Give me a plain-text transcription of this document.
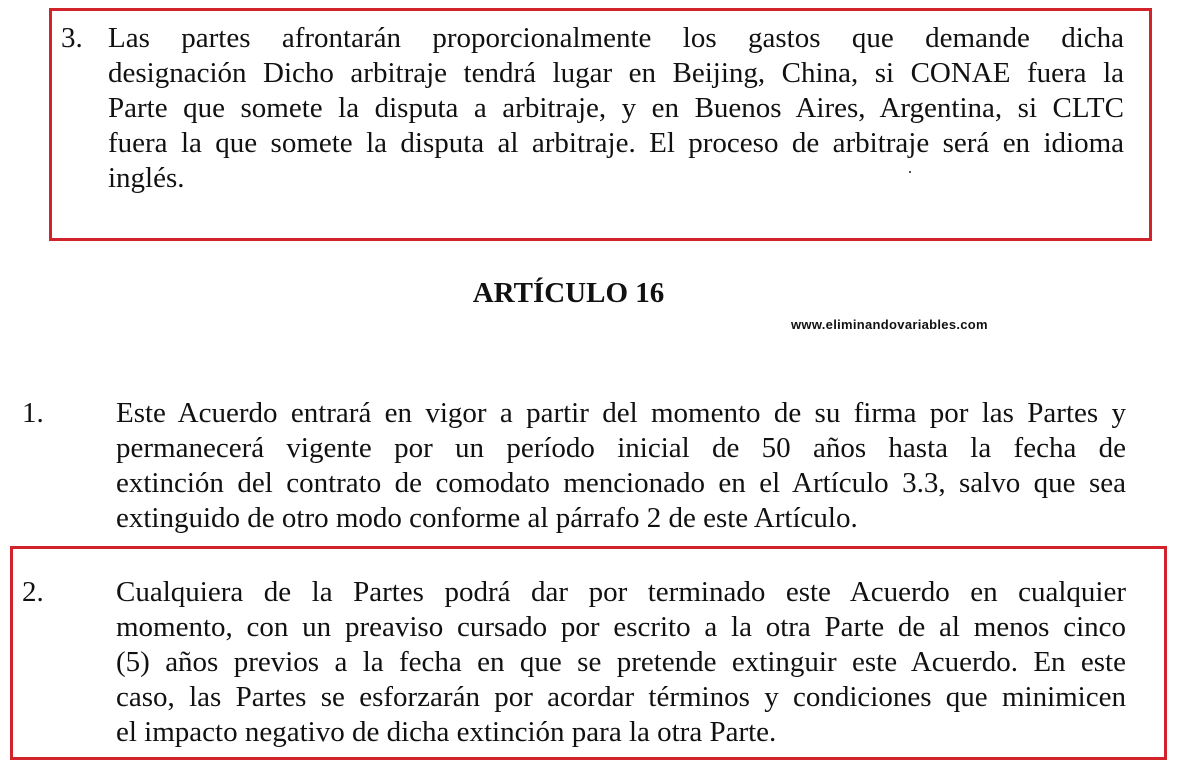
3. Las partes afrontarán proporcionalmente los gastos que demande dicha
designación Dicho arbitraje tendrá lugar en Beijing, China, si CONAE fuera la
Parte que somete la disputa a arbitraje, y en Buenos Aires, Argentina, si CLTC
fuera la que somete la disputa al arbitraje. El proceso de arbitraje será en idioma
inglés.
ARTÍCULO 16
www.eliminandovariables.com
1. Este Acuerdo entrará en vigor a partir del momento de su firma por las Partes y
permanecerá vigente por un período inicial de 50 años hasta la fecha de
extinción del contrato de comodato mencionado en el Artículo 3.3, salvo que sea
extinguido de otro modo conforme al párrafo 2 de este Artículo.
2. Cualquiera de la Partes podrá dar por terminado este Acuerdo en cualquier
momento, con un preaviso cursado por escrito a la otra Parte de al menos cinco
(5) años previos a la fecha en que se pretende extinguir este Acuerdo. En este
caso, las Partes se esforzarán por acordar términos y condiciones que minimicen
el impacto negativo de dicha extinción para la otra Parte.
